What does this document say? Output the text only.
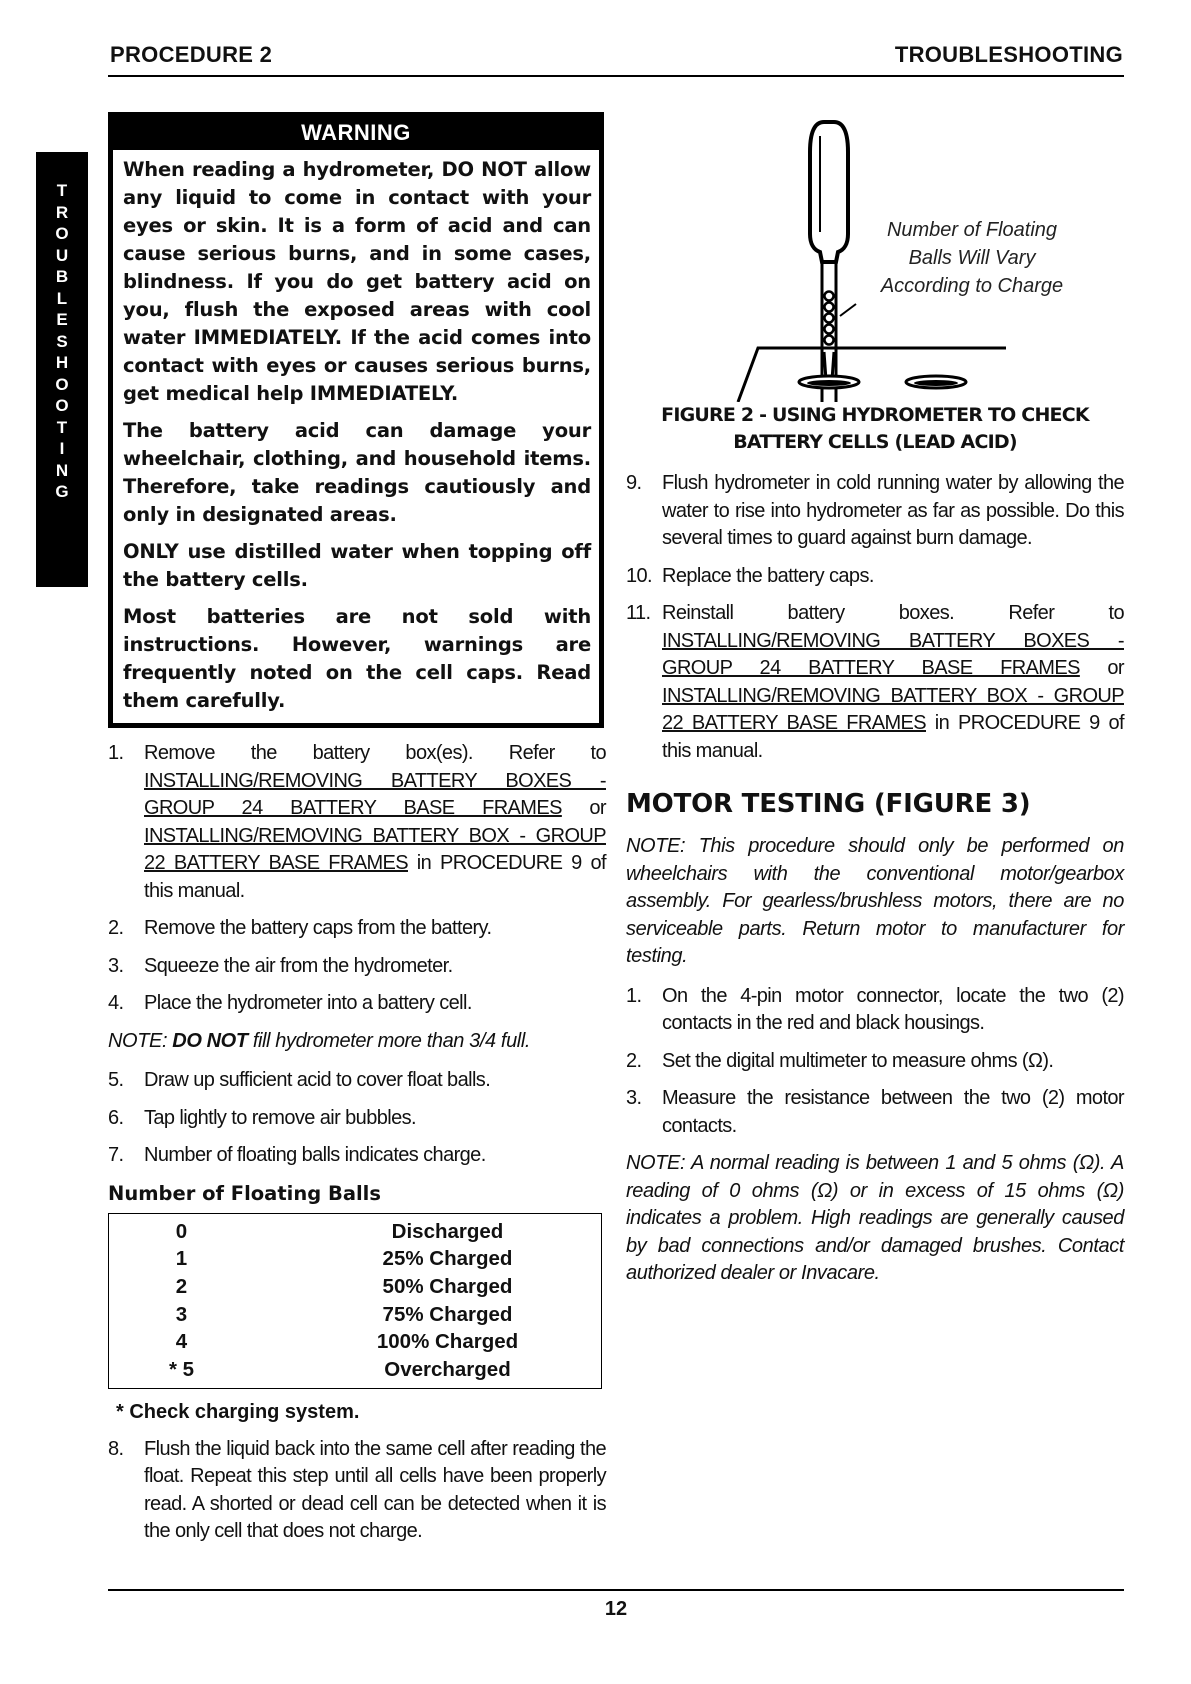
PROCEDURE 2	TROUBLESHOOTING
T
R
O
U
B
L
E
S
H
O
O
T
I
N
G
WARNING

When reading a hydrometer, DO NOT allow any liquid to come in contact with your eyes or skin. It is a form of acid and can cause serious burns, and in some cases, blindness. If you do get battery acid on you, flush the exposed areas with cool water IMMEDIATELY. If the acid comes into contact with eyes or causes serious burns, get medical help IMMEDIATELY.

The battery acid can damage your wheelchair, clothing, and household items. Therefore, take readings cautiously and only in designated areas.

ONLY use distilled water when topping off the battery cells.

Most batteries are not sold with instructions. However, warnings are frequently noted on the cell caps. Read them carefully.

1.	Remove the battery box(es). Refer to INSTALLING/REMOVING BATTERY BOXES - GROUP 24 BATTERY BASE FRAMES or INSTALLING/REMOVING BATTERY BOX - GROUP 22 BATTERY BASE FRAMES in PROCEDURE 9 of this manual.
2.	Remove the battery caps from the battery.
3.	Squeeze the air from the hydrometer.
4.	Place the hydrometer into a battery cell.

NOTE: DO NOT fill hydrometer more than 3/4 full.

5.	Draw up sufficient acid to cover float balls.
6.	Tap lightly to remove air bubbles.
7.	Number of floating balls indicates charge.
Number of Floating Balls
0	Discharged
1	25% Charged
2	50% Charged
3	75% Charged
4	100% Charged
* 5	Overcharged
* Check charging system.
8.	Flush the liquid back into the same cell after reading the float. Repeat this step until all cells have been properly read. A shorted or dead cell can be detected when it is the only cell that does not charge.
Number of Floating
Balls Will Vary
According to Charge
FIGURE 2 - USING HYDROMETER TO CHECK
BATTERY CELLS (LEAD ACID)
9.	Flush hydrometer in cold running water by allowing the water to rise into hydrometer as far as possible. Do this several times to guard against burn damage.
10. Replace the battery caps.
11. Reinstall battery boxes. Refer to INSTALLING/REMOVING BATTERY BOXES - GROUP 24 BATTERY BASE FRAMES or INSTALLING/REMOVING BATTERY BOX - GROUP 22 BATTERY BASE FRAMES in PROCEDURE 9 of this manual.
MOTOR TESTING (FIGURE 3)

NOTE: This procedure should only be performed on wheelchairs with the conventional motor/gearbox assembly. For gearless/brushless motors, there are no serviceable parts. Return motor to manufacturer for testing.

1.	On the 4-pin motor connector, locate the two (2) contacts in the red and black housings.
2.	Set the digital multimeter to measure ohms (Ω).
3.	Measure the resistance between the two (2) motor contacts.

NOTE: A normal reading is between 1 and 5 ohms (Ω). A reading of 0 ohms (Ω) or in excess of 15 ohms (Ω) indicates a problem. High readings are generally caused by bad connections and/or damaged brushes. Contact authorized dealer or Invacare.

12
